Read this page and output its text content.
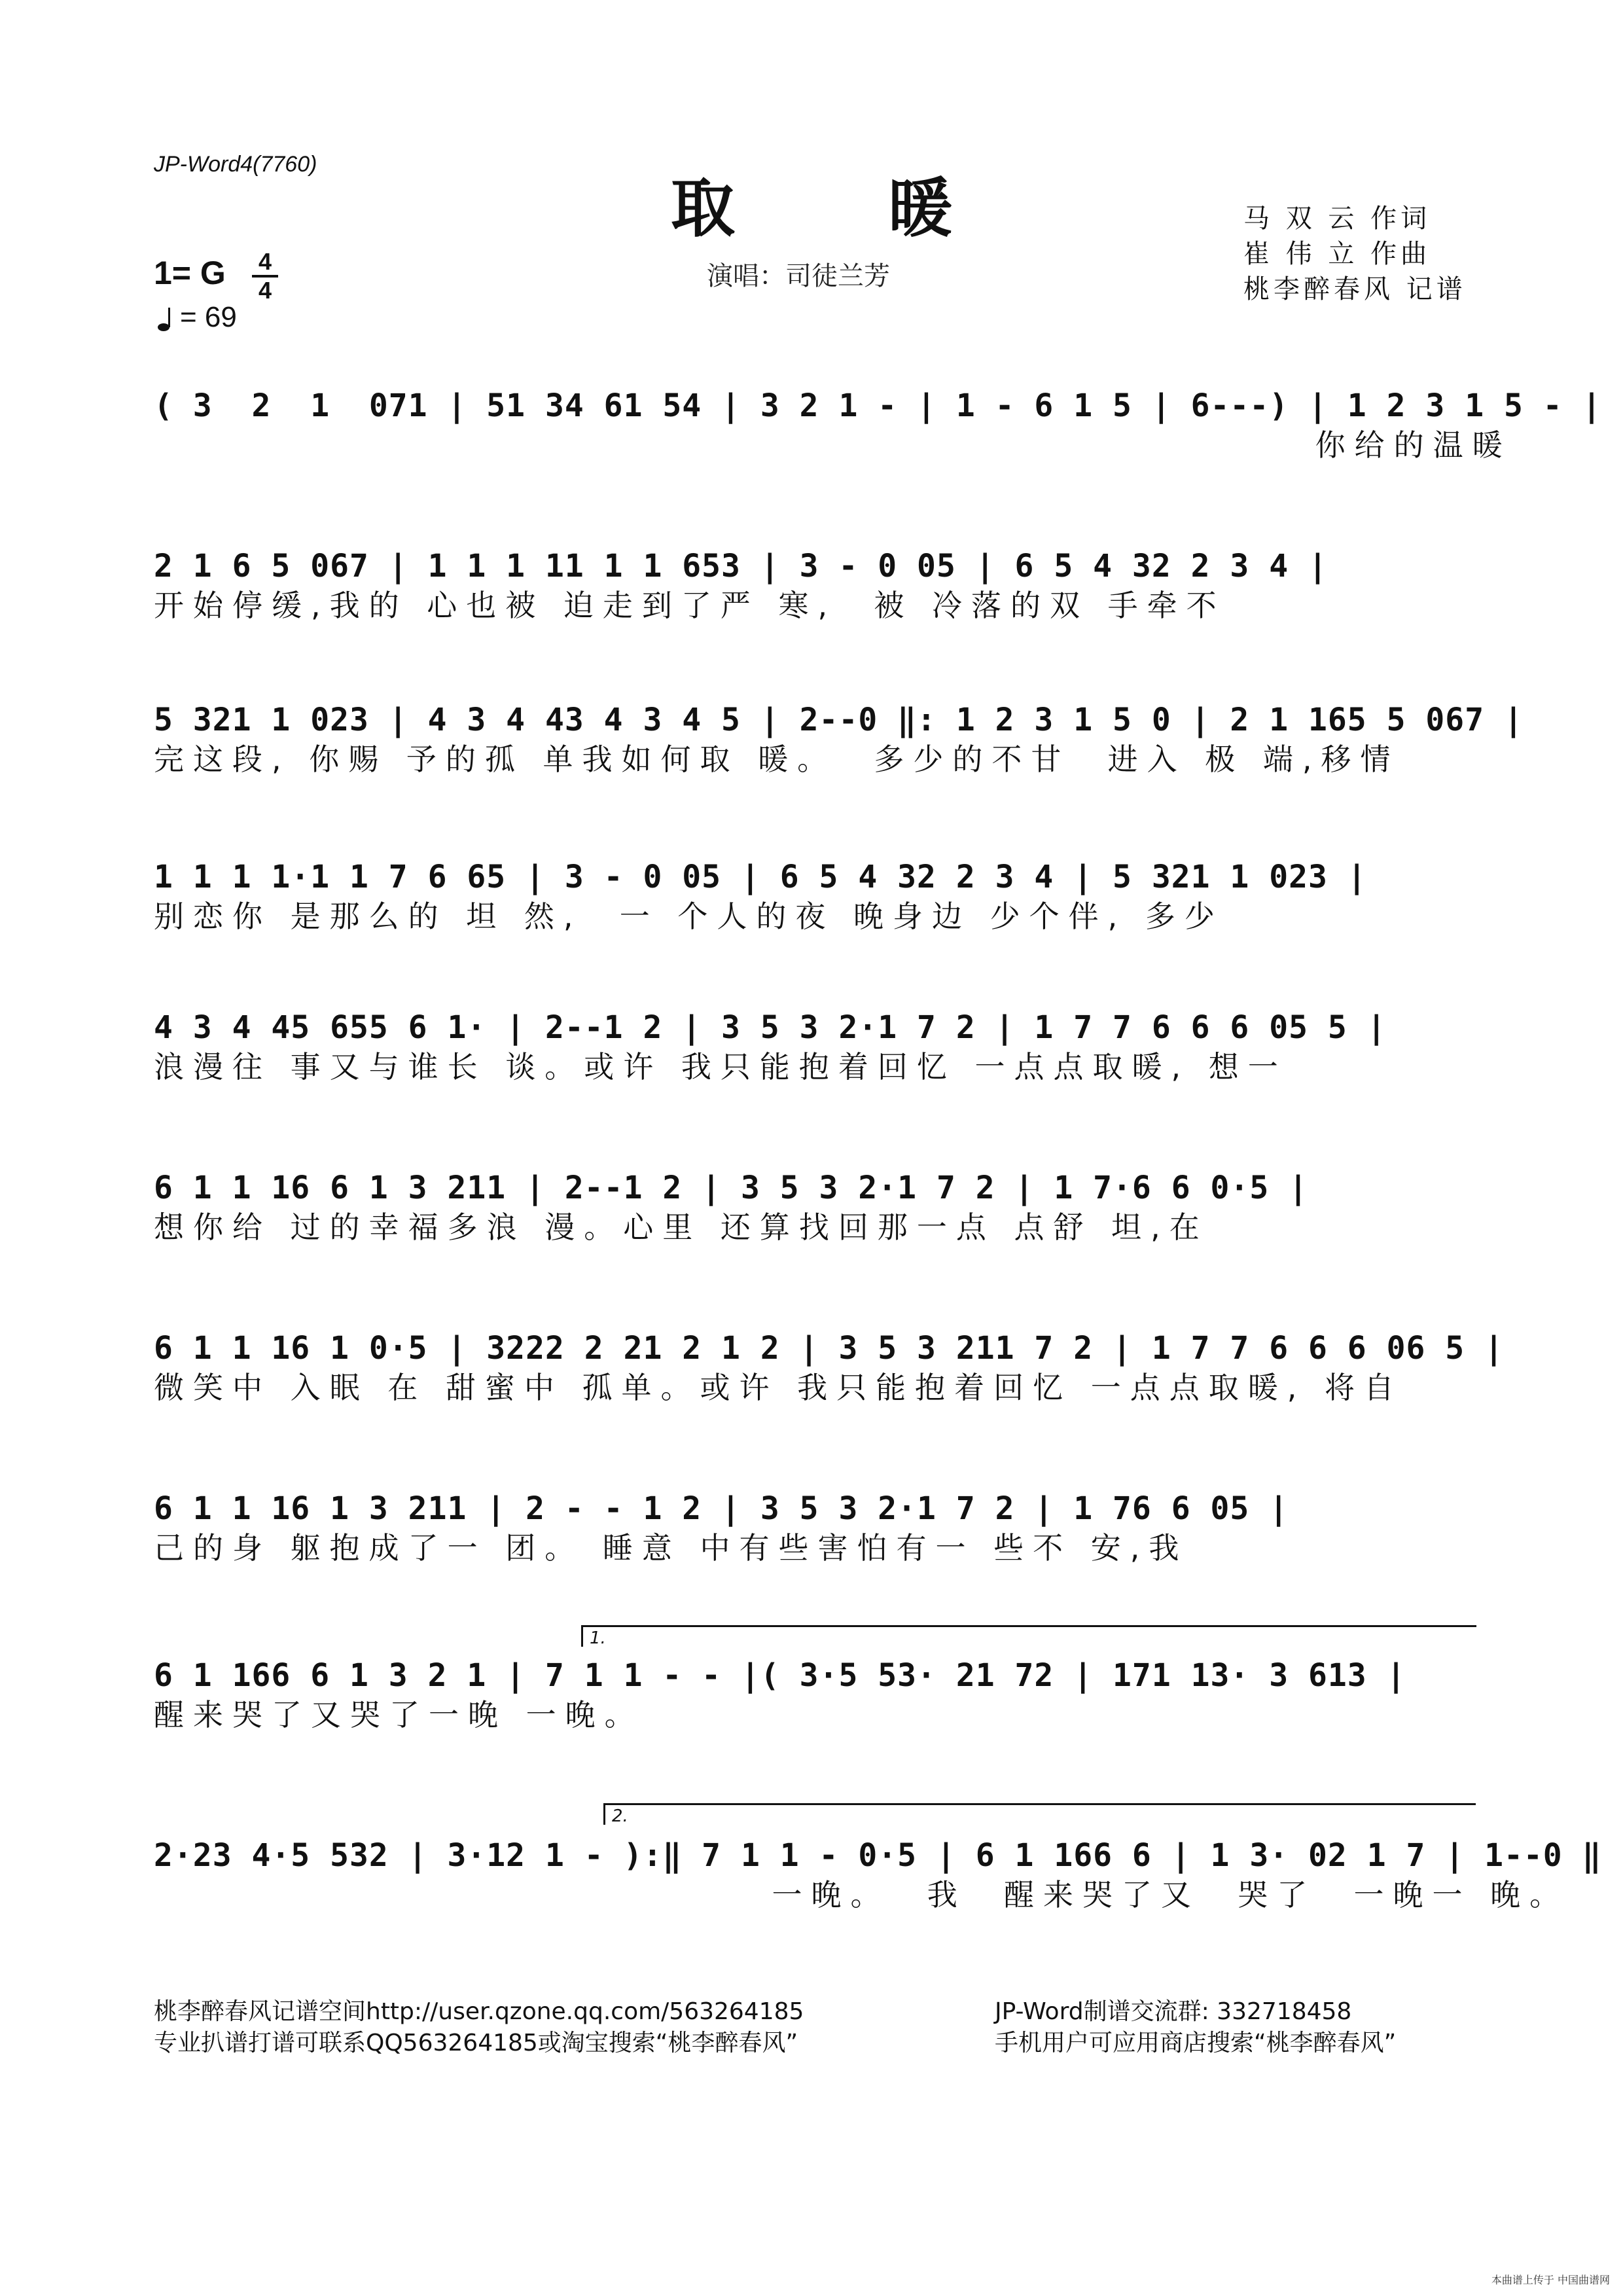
JP-Word4(7760)
取 暖
演唱：司徒兰芳
马 双 云 作词
崔 伟 立 作曲
桃李醉春风 记谱
1= G 4
4
= 69
( 3  2  1  071 | 51 34 61 54 | 3 2 1 - | 1 - 6 1 5 | 6---) | 1 2 3 1 5 - |
你给的温暖
2 1 6 5 067 | 1 1 1 11 1 1 653 | 3 - 0 05 | 6 5 4 32 2 3 4 |
开始停缓,我的 心也被 迫走到了严 寒,  被 冷落的双 手牵不
5 321 1 023 | 4 3 4 43 4 3 4 5 | 2--0 ‖: 1 2 3 1 5 0 | 2 1 165 5 067 |
完这段, 你赐 予的孤 单我如何取 暖。  多少的不甘  进入 极 端,移情
1 1 1 1·1 1 7 6 65 | 3 - 0 05 | 6 5 4 32 2 3 4 | 5 321 1 023 |
别恋你 是那么的 坦 然,  一 个人的夜 晚身边 少个伴, 多少
4 3 4 45 655 6 1· | 2--1 2 | 3 5 3 2·1 7 2 | 1 7 7 6 6 6 05 5 |
浪漫往 事又与谁长 谈。或许 我只能抱着回忆 一点点取暖, 想一
6 1 1 16 6 1 3 211 | 2--1 2 | 3 5 3 2·1 7 2 | 1 7·6 6 0·5 |
想你给 过的幸福多浪 漫。心里 还算找回那一点 点舒 坦,在
6 1 1 16 1 0·5 | 3222 2 21 2 1 2 | 3 5 3 211 7 2 | 1 7 7 6 6 6 06 5 |
微笑中 入眠 在 甜蜜中 孤单。或许 我只能抱着回忆 一点点取暖, 将自
6 1 1 16 1 3 211 | 2 - - 1 2 | 3 5 3 2·1 7 2 | 1 76 6 05 |
己的身 躯抱成了一 团。 睡意 中有些害怕有一 些不 安,我
1.
6 1 166 6 1 3 2 1 | 7 1 1 - - |( 3·5 53· 21 72 | 171 13· 3 613 |
醒来哭了又哭了一晚 一晚。
2.
2·23 4·5 532 | 3·12 1 - ):‖ 7 1 1 - 0·5 | 6 1 166 6 | 1 3· 02 1 7 | 1--0 ‖
一晚。  我  醒来哭了又  哭了  一晚一 晚。
桃李醉春风记谱空间http://user.qzone.qq.com/563264185
专业扒谱打谱可联系QQ563264185或淘宝搜索“桃李醉春风”
JP-Word制谱交流群: 332718458
手机用户可应用商店搜索“桃李醉春风”
本曲谱上传于 中国曲谱网
